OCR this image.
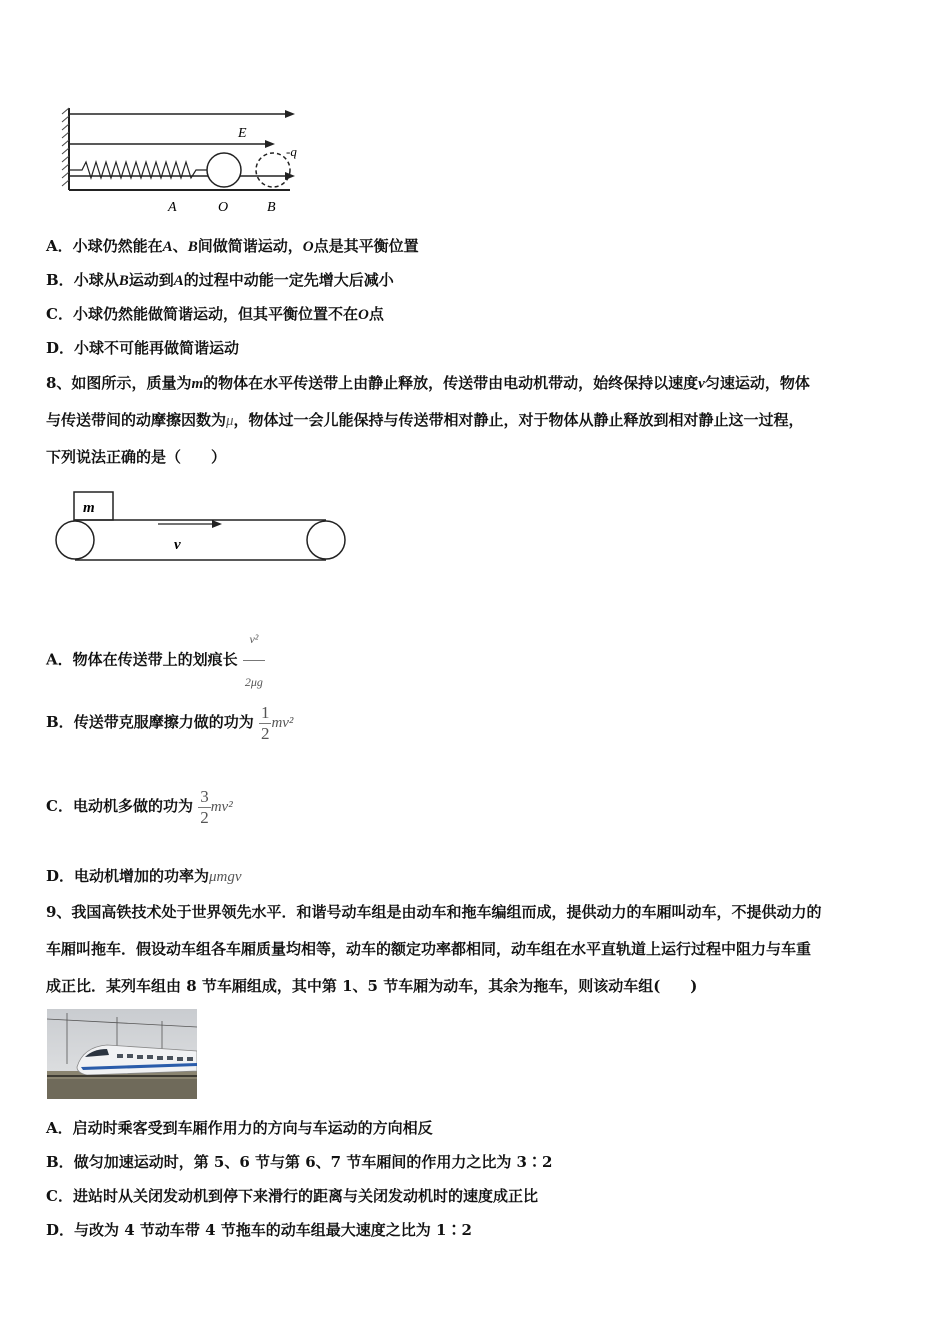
E
-q
A	O	B
A．小球仍然能在A、B间做简谐运动，O点是其平衡位置
B．小球从B运动到A的过程中动能一定先增大后减小
C．小球仍然能做简谐运动，但其平衡位置不在O点
D．小球不可能再做简谐运动
8、如图所示，质量为m的物体在水平传送带上由静止释放，传送带由电动机带动，始终保持以速度v匀速运动，物体
与传送带间的动摩擦因数为μ，物体过一会儿能保持与传送带相对静止，对于物体从静止释放到相对静止这一过程，
下列说法正确的是（　　）
m
v
A．物体在传送带上的划痕长 $\frac{\text{v²}}{2\mu g}$
B．传送带克服摩擦力做的功为 $\frac{1}{2} mv^2$
C．电动机多做的功为 $\frac{3}{2} mv^2$
D．电动机增加的功率为μmgv
9、我国高铁技术处于世界领先水平．和谐号动车组是由动车和拖车编组而成，提供动力的车厢叫动车，不提供动力的
车厢叫拖车．假设动车组各车厢质量均相等，动车的额定功率都相同，动车组在水平直轨道上运行过程中阻力与车重
成正比．某列车组由 8 节车厢组成，其中第 1、5 节车厢为动车，其余为拖车，则该动车组(　　)
A．启动时乘客受到车厢作用力的方向与车运动的方向相反
B．做匀加速运动时，第 5、6 节与第 6、7 节车厢间的作用力之比为 3∶2
C．进站时从关闭发动机到停下来滑行的距离与关闭发动机时的速度成正比
D．与改为 4 节动车带 4 节拖车的动车组最大速度之比为 1∶2
